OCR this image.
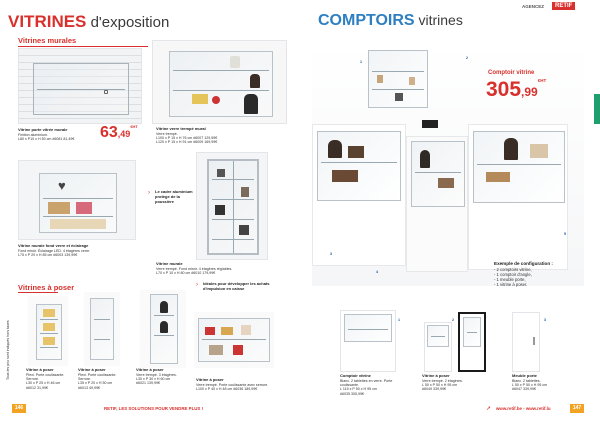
VITRINES d'exposition
Vitrines murales
Vitrine porte vitrée murale
Finition aluminium.
L80 x P10 x H 50 cm #6081 81,49€	$63,49^{€HT}$	Vitrine verre trempé mural
Verre trempé.
L100 x P 15 x H 76 cm #6007 129,59€
L120 x P 15 x H 91 cm #6009 169,99€
♥
Vitrine murale fond verre et éclairage
Fond miroir. Éclairage LED. 4 étagères verre.
L75 x P 20 x H 85 cm #6003 139,99€
›	Le cadre aluminium protège de la poussière
Vitrine murale
Verre trempé. Fond miroir. 4 étagères réglables.
L70 x P 10 x H 80 cm #6010 179,99€
Vitrines à poser	›	Idéales pour développer les achats d'impulsion en caisse
Vitrine à poser
Plexi. Porte coulissante. Serrure.
L30 x P 25 x H 46 cm
#6012 31,99€
Vitrine à poser
Plexi. Porte coulissante. Serrure.
L35 x P 20 x H 50 cm
#6013 49,99€
Vitrine à poser
Verre trempé. 3 étagères.
L30 x P 30 x H 60 cm
#6021 139,99€
Vitrine à poser
Verre trempé. Porte coulissante avec serrure.
L100 x P 40 x H 48 cm #6036 189,99€
Tous les prix sont indiqués hors taxes
146	RETIF, LES SOLUTIONS POUR VENDRE PLUS !
AGENCEZ	RETIF
COMPTOIRS vitrines
1
2
3
4
5
Comptoir vitrine
$305,99^{€HT}$
Exemple de configuration :
- 2 comptoirs vitrine,
- 1 comptoir d'angle,
- 1 meuble porte,
- 1 vitrine à poser.
1	2	3
Comptoir vitrine
Blanc. 2 tablettes en verre. Porte coulissante.
L 115 x P 50 x H 95 cm
#6035 305,99€
Vitrine à poser
Verre trempé. 2 étagères.
L 50 x P 50 x H 95 cm
#6049 339,99€
Meuble porte
Blanc. 2 tablettes.
L 50 x P 50 x H 95 cm
#6047 339,99€
➚ www.retif.be - www.retif.lu	147
